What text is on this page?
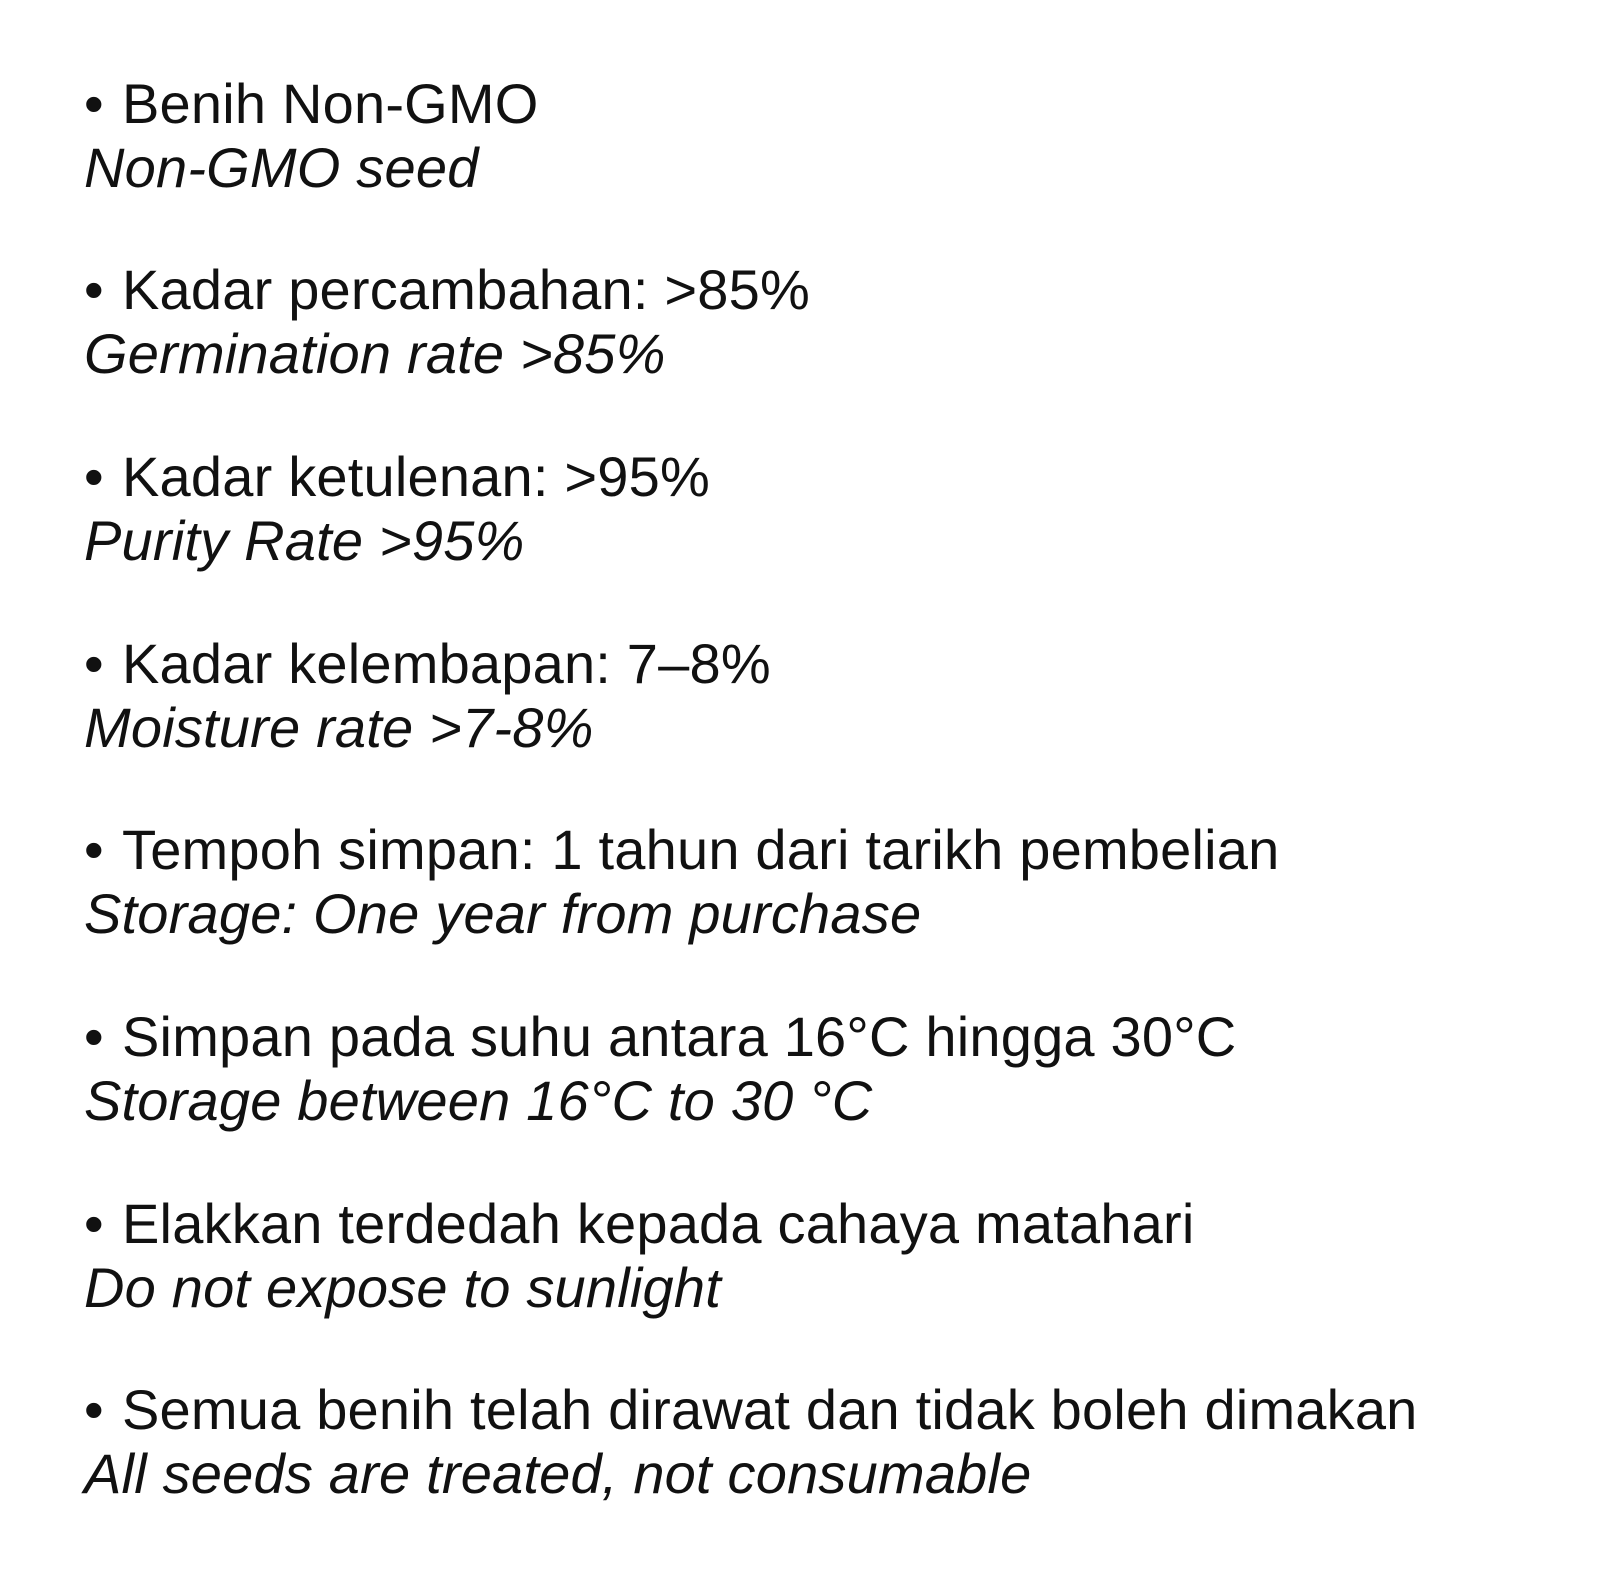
• Benih Non-GMO
Non-GMO seed
• Kadar percambahan: >85%
Germination rate >85%
• Kadar ketulenan: >95%
Purity Rate >95%
• Kadar kelembapan: 7–8%
Moisture rate >7-8%
• Tempoh simpan: 1 tahun dari tarikh pembelian
Storage: One year from purchase
• Simpan pada suhu antara 16°C hingga 30°C
Storage between 16°C to 30 °C
• Elakkan terdedah kepada cahaya matahari
Do not expose to sunlight
• Semua benih telah dirawat dan tidak boleh dimakan
All seeds are treated, not consumable
